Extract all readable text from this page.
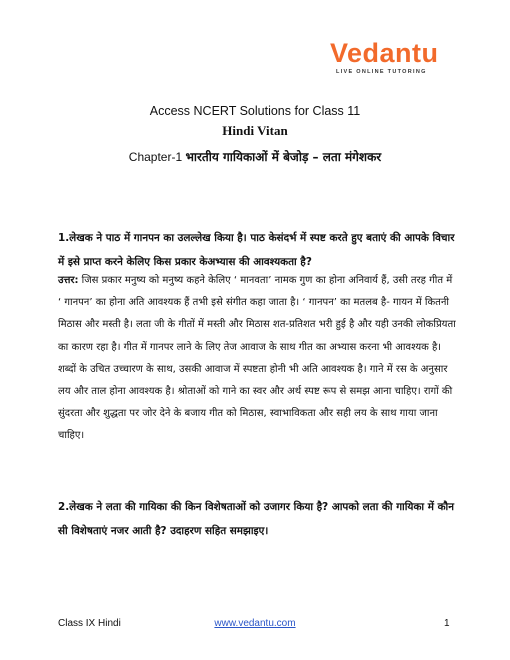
Vedantu
LIVE ONLINE TUTORING
Access NCERT Solutions for Class 11
Hindi Vitan
Chapter-1 भारतीय गायिकाओं में बेजोड़ – लता मंगेशकर
1.लेखक ने पाठ में गानपन का उलल्लेख किया है। पाठ केसंदर्भ में स्पष्ट करते हुए बताएं की आपके विचार में इसे प्राप्त करने केलिए किस प्रकार केअभ्यास की आवश्यकता है?
उत्तर: जिस प्रकार मनुष्य को मनुष्य कहने केलिए ‘ मानवता’ नामक गुण का होना अनिवार्य हैं, उसी तरह गीत में ‘ गानपन’ का होना अति आवश्यक हैं तभी इसे संगीत कहा जाता है। ‘ गानपन’ का मतलब है- गायन में कितनी मिठास और मस्ती है। लता जी के गीतों में मस्ती और मिठास शत-प्रतिशत भरी हुई है और यही उनकी लोकप्रियता का कारण रहा है। गीत में गानपर लाने के लिए तेज आवाज के साथ गीत का अभ्यास करना भी आवश्यक है। शब्दों के उचित उच्चारण के साथ, उसकी आवाज में स्पष्टता होनी भी अति आवश्यक है। गाने में रस के अनुसार लय और ताल होना आवश्यक है। श्रोताओं को गाने का स्वर और अर्थ स्पष्ट रूप से समझ आना चाहिए। रागों की सुंदरता और शुद्धता पर जोर देने के बजाय गीत को मिठास, स्वाभाविकता और सही लय के साथ गाया जाना चाहिए।
2.लेखक ने लता की गायिका की किन विशेषताओं को उजागर किया है? आपको लता की गायिका में कौन सी विशेषताएं नजर आती है? उदाहरण सहित समझाइए।
Class IX Hindi	www.vedantu.com	1
